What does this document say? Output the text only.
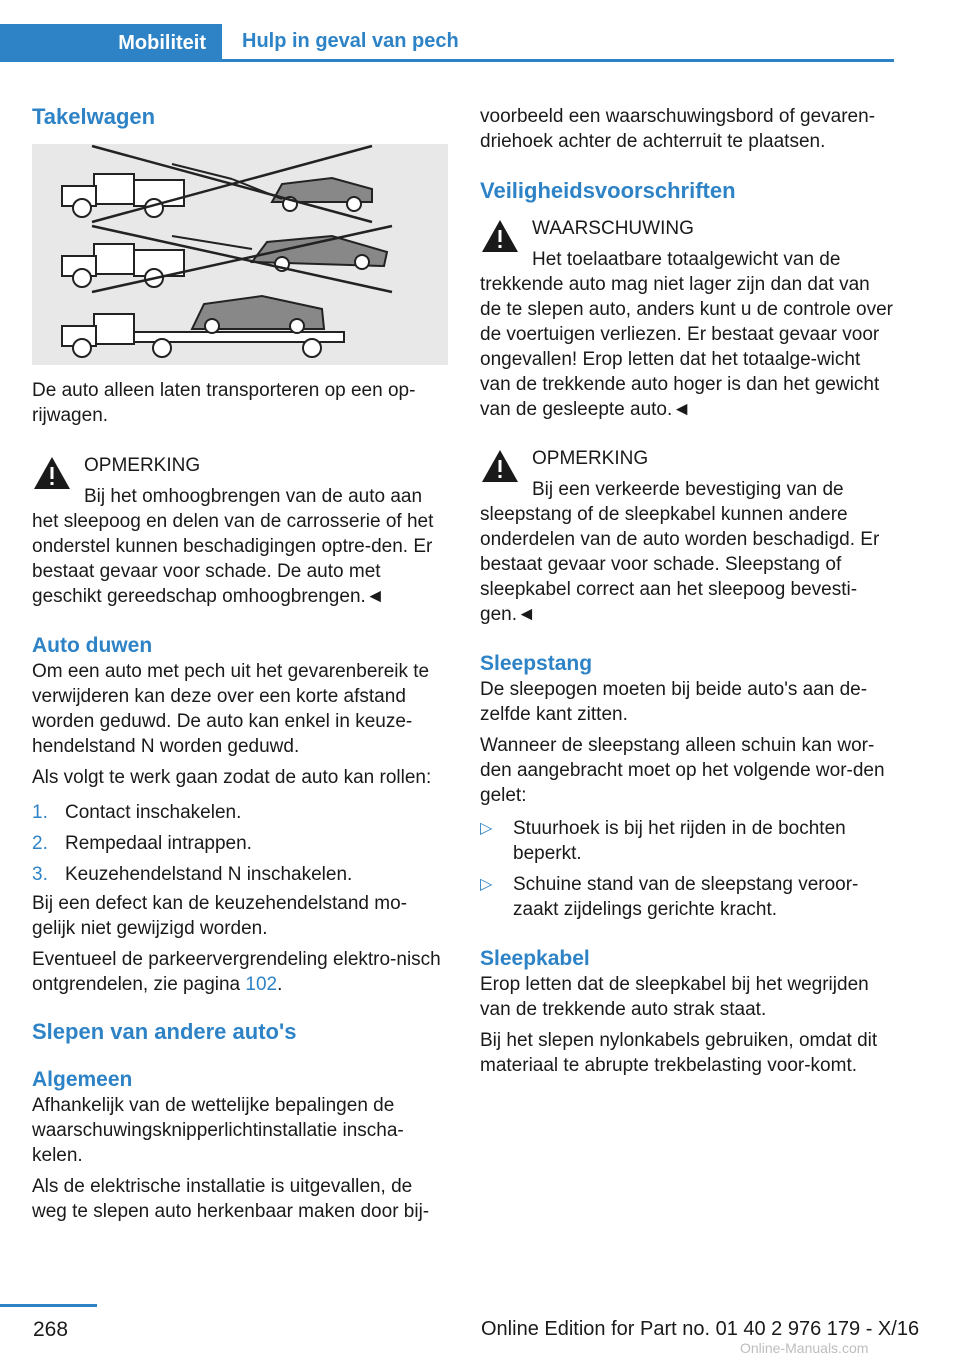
Mobiliteit	Hulp in geval van pech
Takelwagen

De auto alleen laten transporteren op een op-rijwagen.

OPMERKING

Bij het omhoogbrengen van de auto aan het sleepoog en delen van de carrosserie of het onderstel kunnen beschadigingen optre-den. Er bestaat gevaar voor schade. De auto met geschikt gereedschap omhoogbrengen.◄

Auto duwen

Om een auto met pech uit het gevarenbereik te verwijderen kan deze over een korte afstand worden geduwd. De auto kan enkel in keuze-hendelstand N worden geduwd.

Als volgt te werk gaan zodat de auto kan rollen:

1. Contact inschakelen.
2. Rempedaal intrappen.
3. Keuzehendelstand N inschakelen.

Bij een defect kan de keuzehendelstand mo-gelijk niet gewijzigd worden.

Eventueel de parkeervergrendeling elektro-nisch ontgrendelen, zie pagina 102.

Slepen van andere auto's
Algemeen

Afhankelijk van de wettelijke bepalingen de waarschuwingsknipperlichtinstallatie inscha-kelen.

Als de elektrische installatie is uitgevallen, de weg te slepen auto herkenbaar maken door bij-

voorbeeld een waarschuwingsbord of gevaren-driehoek achter de achterruit te plaatsen.

Veiligheidsvoorschriften
WAARSCHUWING

Het toelaatbare totaalgewicht van de trekkende auto mag niet lager zijn dan dat van de te slepen auto, anders kunt u de controle over de voertuigen verliezen. Er bestaat gevaar voor ongevallen! Erop letten dat het totaalge-wicht van de trekkende auto hoger is dan het gewicht van de gesleepte auto.◄

OPMERKING

Bij een verkeerde bevestiging van de sleepstang of de sleepkabel kunnen andere onderdelen van de auto worden beschadigd. Er bestaat gevaar voor schade. Sleepstang of sleepkabel correct aan het sleepoog bevesti-gen.◄

Sleepstang

De sleepogen moeten bij beide auto's aan de-zelfde kant zitten.

Wanneer de sleepstang alleen schuin kan wor-den aangebracht moet op het volgende wor-den gelet:

▷ Stuurhoek is bij het rijden in de bochten beperkt.
▷ Schuine stand van de sleepstang veroor-zaakt zijdelings gerichte kracht.
Sleepkabel

Erop letten dat de sleepkabel bij het wegrijden van de trekkende auto strak staat.

Bij het slepen nylonkabels gebruiken, omdat dit materiaal te abrupte trekbelasting voor-komt.

268	Online Edition for Part no. 01 40 2 976 179 - X/16
Online-Manuals.com
